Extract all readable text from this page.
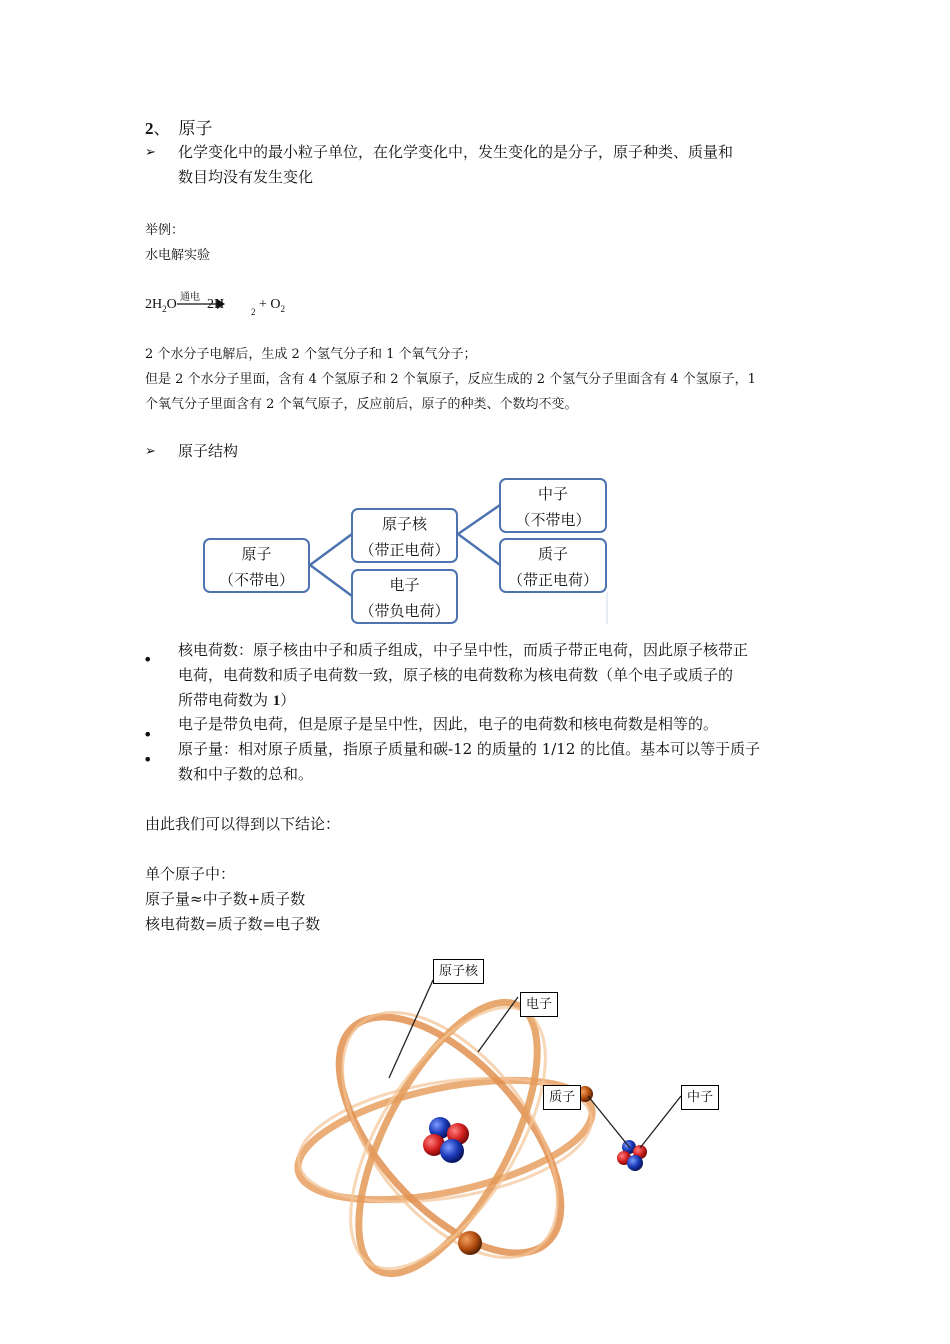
2、 原子
➢ 化学变化中的最小粒子单位，在化学变化中，发生变化的是分子，原子种类、质量和
数目均没有发生变化
举例：
水电解实验
$2H_2O$ 通电 2H	$_2 + O_2$
2 个水分子电解后，生成 2 个氢气分子和 1 个氧气分子；
但是 2 个水分子里面，含有 4 个氢原子和 2 个氧原子，反应生成的 2 个氢气分子里面含有 4 个氢原子，1
个氧气分子里面含有 2 个氧气原子，反应前后，原子的种类、个数均不变。
➢ 原子结构
原子
（不带电）
原子核
（带正电荷）
电子
（带负电荷）
中子
（不带电）
质子
（带正电荷）
• 核电荷数：原子核由中子和质子组成，中子呈中性，而质子带正电荷，因此原子核带正
电荷，电荷数和质子电荷数一致，原子核的电荷数称为核电荷数（单个电子或质子的
所带电荷数为 1）
•
电子是带负电荷，但是原子是呈中性，因此，电子的电荷数和核电荷数是相等的。
•
原子量：相对原子质量，指原子质量和碳-12 的质量的 1/12 的比值。基本可以等于质子
数和中子数的总和。
由此我们可以得到以下结论：
单个原子中：
原子量≈中子数+质子数
核电荷数=质子数=电子数
原子核
电子
质子	中子
